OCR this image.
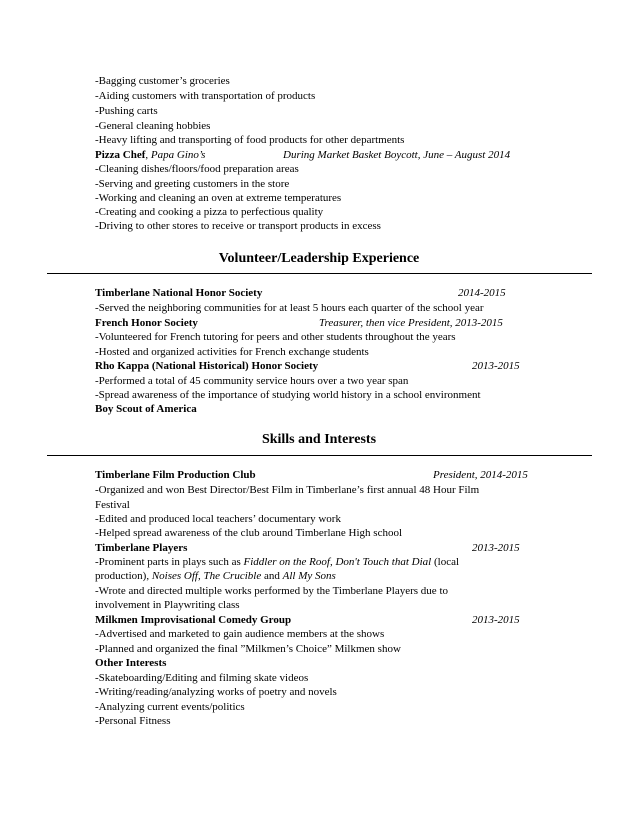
-Bagging customer’s groceries
-Aiding customers with transportation of products
-Pushing carts
-General cleaning hobbies
-Heavy lifting and transporting of food products for other departments
Pizza Chef, Papa Gino’s	During Market Basket Boycott, June – August 2014
-Cleaning dishes/floors/food preparation areas
-Serving and greeting customers in the store
-Working and cleaning an oven at extreme temperatures
-Creating and cooking a pizza to perfectious quality
-Driving to other stores to receive or transport products in excess
Volunteer/Leadership Experience
Timberlane National Honor Society	2014-2015
-Served the neighboring communities for at least 5 hours each quarter of the school year
French Honor Society	Treasurer, then vice President, 2013-2015
-Volunteered for French tutoring for peers and other students throughout the years
-Hosted and organized activities for French exchange students
Rho Kappa (National Historical) Honor Society	2013-2015
-Performed a total of 45 community service hours over a two year span
-Spread awareness of the importance of studying world history in a school environment
Boy Scout of America
Skills and Interests
Timberlane Film Production Club	President, 2014-2015
-Organized and won Best Director/Best Film in Timberlane’s first annual 48 Hour Film
Festival
-Edited and produced local teachers’ documentary work
-Helped spread awareness of the club around Timberlane High school
Timberlane Players	2013-2015
-Prominent parts in plays such as Fiddler on the Roof, Don't Touch that Dial (local
production), Noises Off, The Crucible and All My Sons
-Wrote and directed multiple works performed by the Timberlane Players due to
involvement in Playwriting class
Milkmen Improvisational Comedy Group	2013-2015
-Advertised and marketed to gain audience members at the shows
-Planned and organized the final ”Milkmen’s Choice” Milkmen show
Other Interests
-Skateboarding/Editing and filming skate videos
-Writing/reading/analyzing works of poetry and novels
-Analyzing current events/politics
-Personal Fitness
